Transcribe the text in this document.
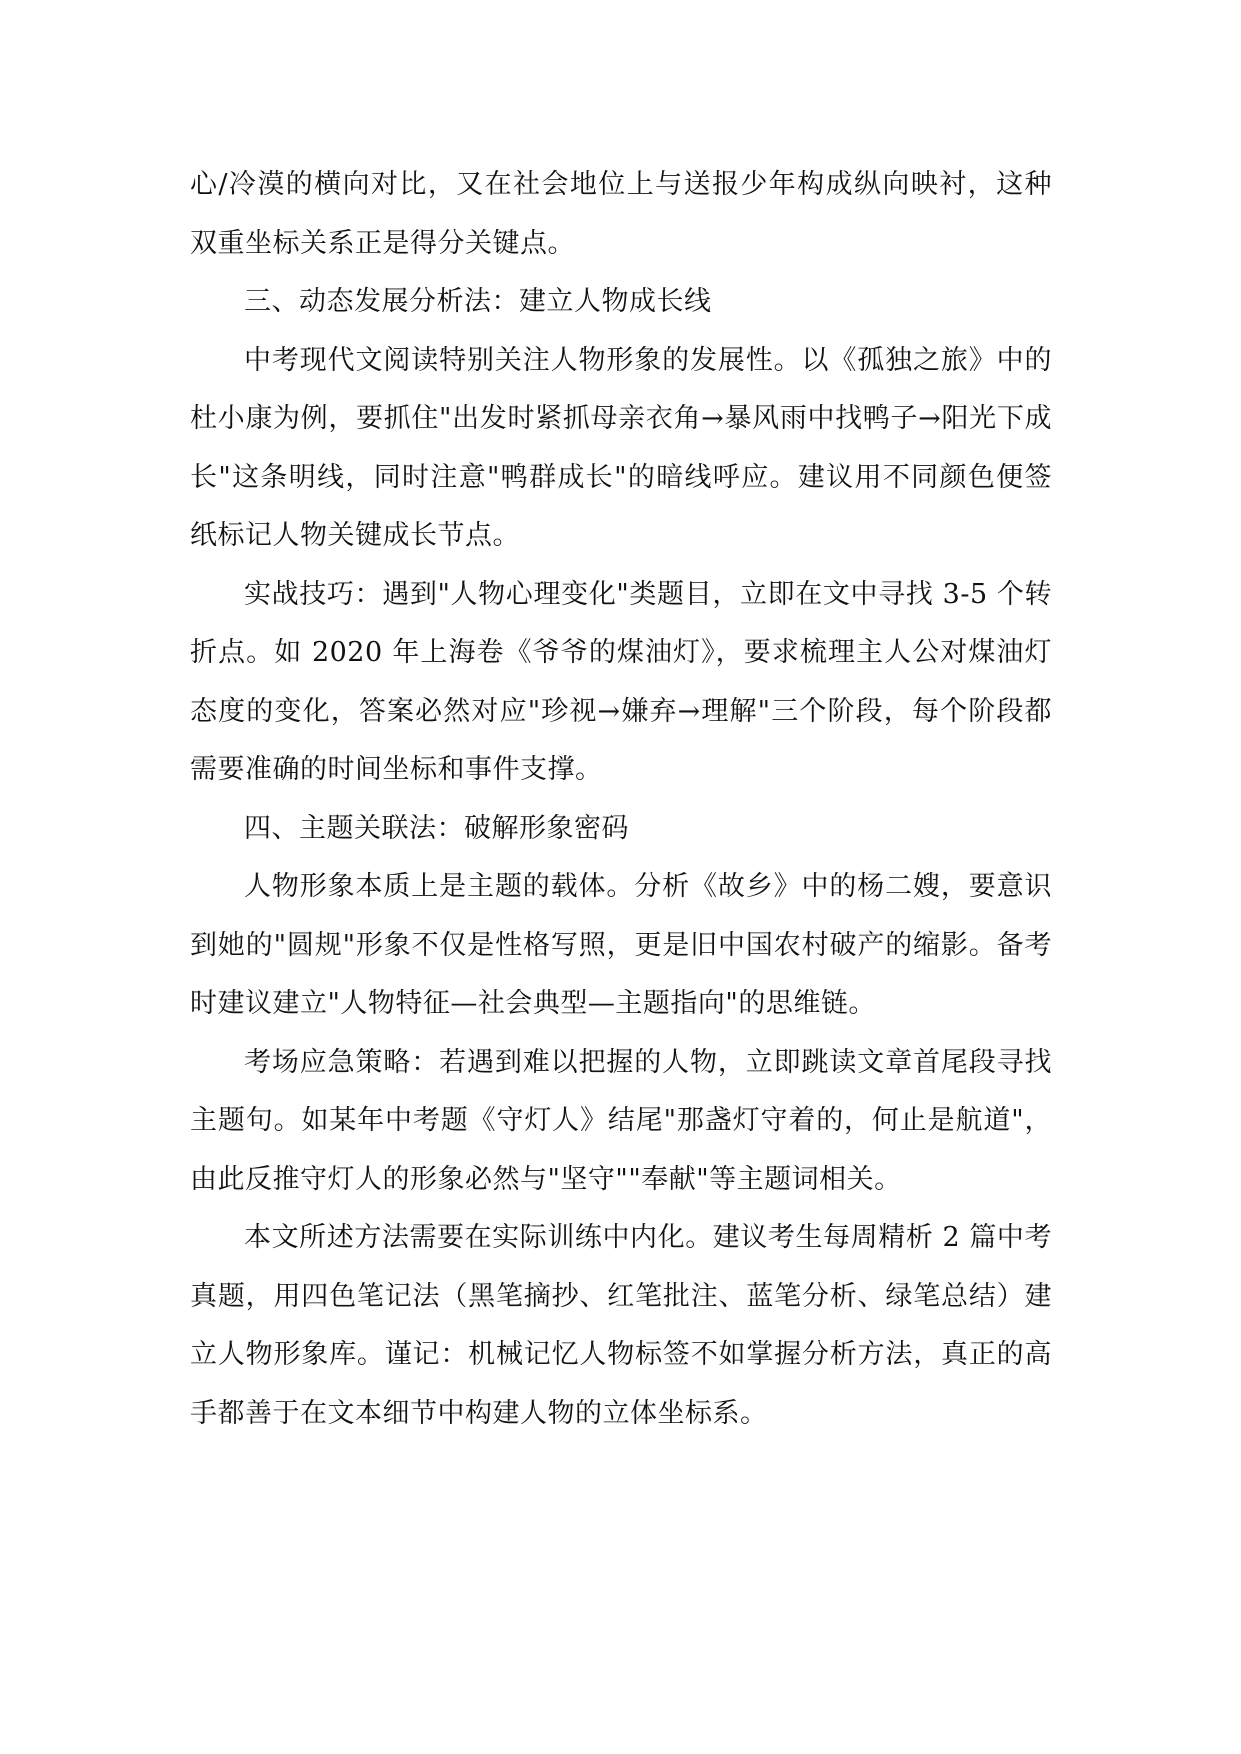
心/冷漠的横向对比，又在社会地位上与送报少年构成纵向映衬，这种双重坐标关系正是得分关键点。

三、动态发展分析法：建立人物成长线

中考现代文阅读特别关注人物形象的发展性。以《孤独之旅》中的杜小康为例，要抓住"出发时紧抓母亲衣角→暴风雨中找鸭子→阳光下成长"这条明线，同时注意"鸭群成长"的暗线呼应。建议用不同颜色便签纸标记人物关键成长节点。

实战技巧：遇到"人物心理变化"类题目，立即在文中寻找 3-5 个转折点。如 2020 年上海卷《爷爷的煤油灯》，要求梳理主人公对煤油灯态度的变化，答案必然对应"珍视→嫌弃→理解"三个阶段，每个阶段都需要准确的时间坐标和事件支撑。

四、主题关联法：破解形象密码

人物形象本质上是主题的载体。分析《故乡》中的杨二嫂，要意识到她的"圆规"形象不仅是性格写照，更是旧中国农村破产的缩影。备考时建议建立"人物特征—社会典型—主题指向"的思维链。

考场应急策略：若遇到难以把握的人物，立即跳读文章首尾段寻找主题句。如某年中考题《守灯人》结尾"那盏灯守着的，何止是航道"，由此反推守灯人的形象必然与"坚守""奉献"等主题词相关。

本文所述方法需要在实际训练中内化。建议考生每周精析 2 篇中考真题，用四色笔记法（黑笔摘抄、红笔批注、蓝笔分析、绿笔总结）建立人物形象库。谨记：机械记忆人物标签不如掌握分析方法，真正的高手都善于在文本细节中构建人物的立体坐标系。
